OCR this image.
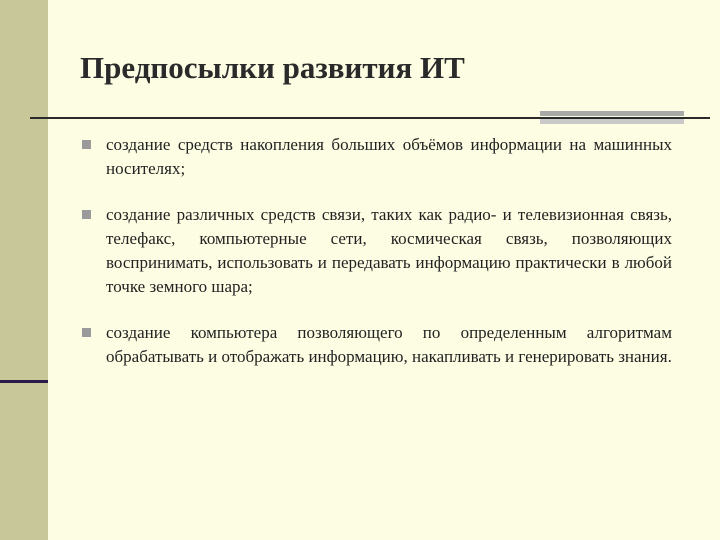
Предпосылки развития ИТ
создание средств накопления больших объёмов информации на машинных носителях;
создание различных средств связи, таких как радио- и телевизионная связь, телефакс, компьютерные сети, космическая связь, позволяющих воспринимать, использовать и передавать информацию практически в любой точке земного шара;
создание компьютера позволяющего по определенным алгоритмам обрабатывать и отображать информацию, накапливать и генерировать знания.
